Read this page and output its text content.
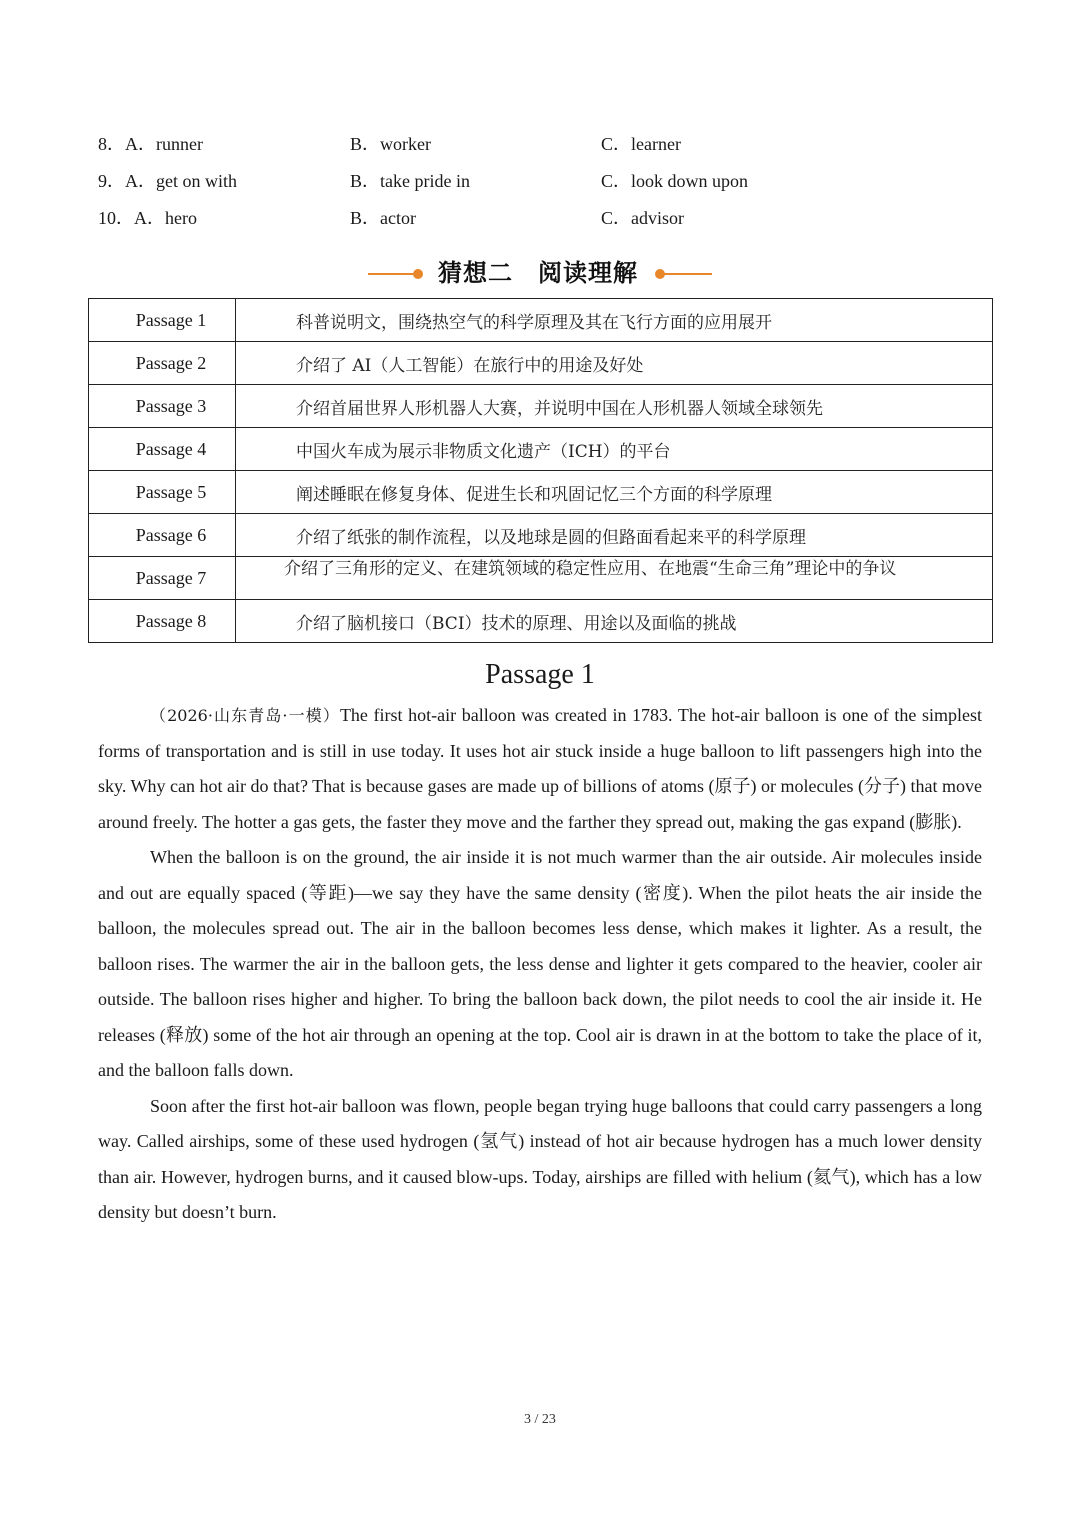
8．A．runner	B．worker	C．learner
9．A．get on with	B．take pride in	C．look down upon
10．A．hero	B．actor	C．advisor
猜想二　阅读理解
Passage 1	科普说明文，围绕热空气的科学原理及其在飞行方面的应用展开
Passage 2	介绍了 AI（人工智能）在旅行中的用途及好处
Passage 3	介绍首届世界人形机器人大赛，并说明中国在人形机器人领域全球领先
Passage 4	中国火车成为展示非物质文化遗产（ICH）的平台
Passage 5	阐述睡眠在修复身体、促进生长和巩固记忆三个方面的科学原理
Passage 6	介绍了纸张的制作流程，以及地球是圆的但路面看起来平的科学原理
Passage 7	介绍了三角形的定义、在建筑领域的稳定性应用、在地震“生命三角”理论中的争议
Passage 8	介绍了脑机接口（BCI）技术的原理、用途以及面临的挑战
Passage 1

（2026·山东青岛·一模）The first hot-air balloon was created in 1783. The hot-air balloon is one of the simplest forms of transportation and is still in use today. It uses hot air stuck inside a huge balloon to lift passengers high into the sky. Why can hot air do that? That is because gases are made up of billions of atoms (原子) or molecules (分子) that move around freely. The hotter a gas gets, the faster they move and the farther they spread out, making the gas expand (膨胀).

When the balloon is on the ground, the air inside it is not much warmer than the air outside. Air molecules inside and out are equally spaced (等距)—we say they have the same density (密度). When the pilot heats the air inside the balloon, the molecules spread out. The air in the balloon becomes less dense, which makes it lighter. As a result, the balloon rises. The warmer the air in the balloon gets, the less dense and lighter it gets compared to the heavier, cooler air outside. The balloon rises higher and higher. To bring the balloon back down, the pilot needs to cool the air inside it. He releases (释放) some of the hot air through an opening at the top. Cool air is drawn in at the bottom to take the place of it, and the balloon falls down.

Soon after the first hot-air balloon was flown, people began trying huge balloons that could carry passengers a long way. Called airships, some of these used hydrogen (氢气) instead of hot air because hydrogen has a much lower density than air. However, hydrogen burns, and it caused blow-ups. Today, airships are filled with helium (氦气), which has a low density but doesn’t burn.

3 / 23
